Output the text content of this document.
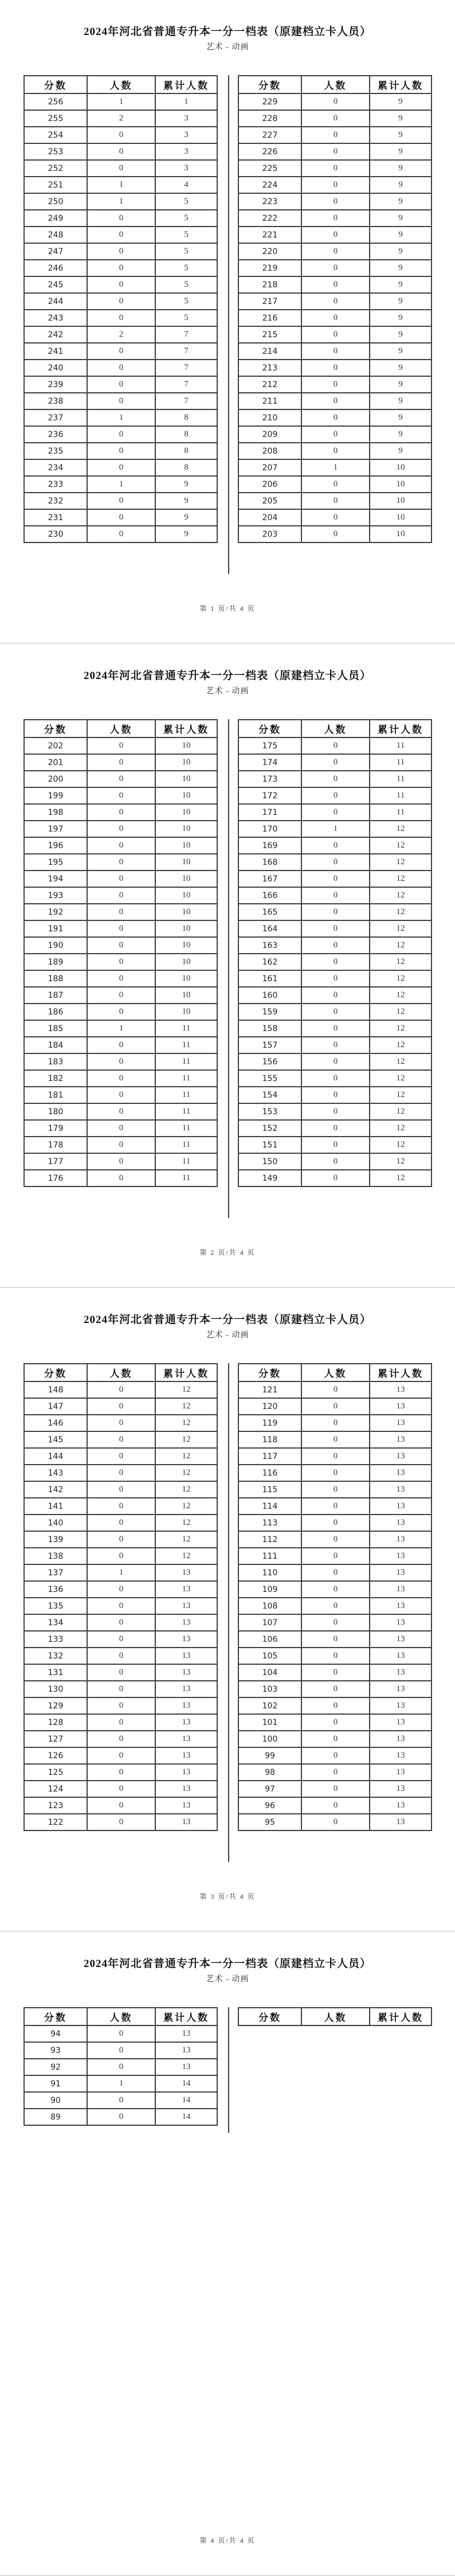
2024年河北省普通专升本一分一档表（原建档立卡人员）
艺术 - 动画
分数	人数	累计人数
256	1	1
255	2	3
254	0	3
253	0	3
252	0	3
251	1	4
250	1	5
249	0	5
248	0	5
247	0	5
246	0	5
245	0	5
244	0	5
243	0	5
242	2	7
241	0	7
240	0	7
239	0	7
238	0	7
237	1	8
236	0	8
235	0	8
234	0	8
233	1	9
232	0	9
231	0	9
230	0	9
分数	人数	累计人数
229	0	9
228	0	9
227	0	9
226	0	9
225	0	9
224	0	9
223	0	9
222	0	9
221	0	9
220	0	9
219	0	9
218	0	9
217	0	9
216	0	9
215	0	9
214	0	9
213	0	9
212	0	9
211	0	9
210	0	9
209	0	9
208	0	9
207	1	10
206	0	10
205	0	10
204	0	10
203	0	10
第 1 页/共 4 页
2024年河北省普通专升本一分一档表（原建档立卡人员）
艺术 - 动画
分数	人数	累计人数
202	0	10
201	0	10
200	0	10
199	0	10
198	0	10
197	0	10
196	0	10
195	0	10
194	0	10
193	0	10
192	0	10
191	0	10
190	0	10
189	0	10
188	0	10
187	0	10
186	0	10
185	1	11
184	0	11
183	0	11
182	0	11
181	0	11
180	0	11
179	0	11
178	0	11
177	0	11
176	0	11
分数	人数	累计人数
175	0	11
174	0	11
173	0	11
172	0	11
171	0	11
170	1	12
169	0	12
168	0	12
167	0	12
166	0	12
165	0	12
164	0	12
163	0	12
162	0	12
161	0	12
160	0	12
159	0	12
158	0	12
157	0	12
156	0	12
155	0	12
154	0	12
153	0	12
152	0	12
151	0	12
150	0	12
149	0	12
第 2 页/共 4 页
2024年河北省普通专升本一分一档表（原建档立卡人员）
艺术 - 动画
分数	人数	累计人数
148	0	12
147	0	12
146	0	12
145	0	12
144	0	12
143	0	12
142	0	12
141	0	12
140	0	12
139	0	12
138	0	12
137	1	13
136	0	13
135	0	13
134	0	13
133	0	13
132	0	13
131	0	13
130	0	13
129	0	13
128	0	13
127	0	13
126	0	13
125	0	13
124	0	13
123	0	13
122	0	13
分数	人数	累计人数
121	0	13
120	0	13
119	0	13
118	0	13
117	0	13
116	0	13
115	0	13
114	0	13
113	0	13
112	0	13
111	0	13
110	0	13
109	0	13
108	0	13
107	0	13
106	0	13
105	0	13
104	0	13
103	0	13
102	0	13
101	0	13
100	0	13
99	0	13
98	0	13
97	0	13
96	0	13
95	0	13
第 3 页/共 4 页
2024年河北省普通专升本一分一档表（原建档立卡人员）
艺术 - 动画
分数	人数	累计人数
94	0	13
93	0	13
92	0	13
91	1	14
90	0	14
89	0	14
分数	人数	累计人数
第 4 页/共 4 页
